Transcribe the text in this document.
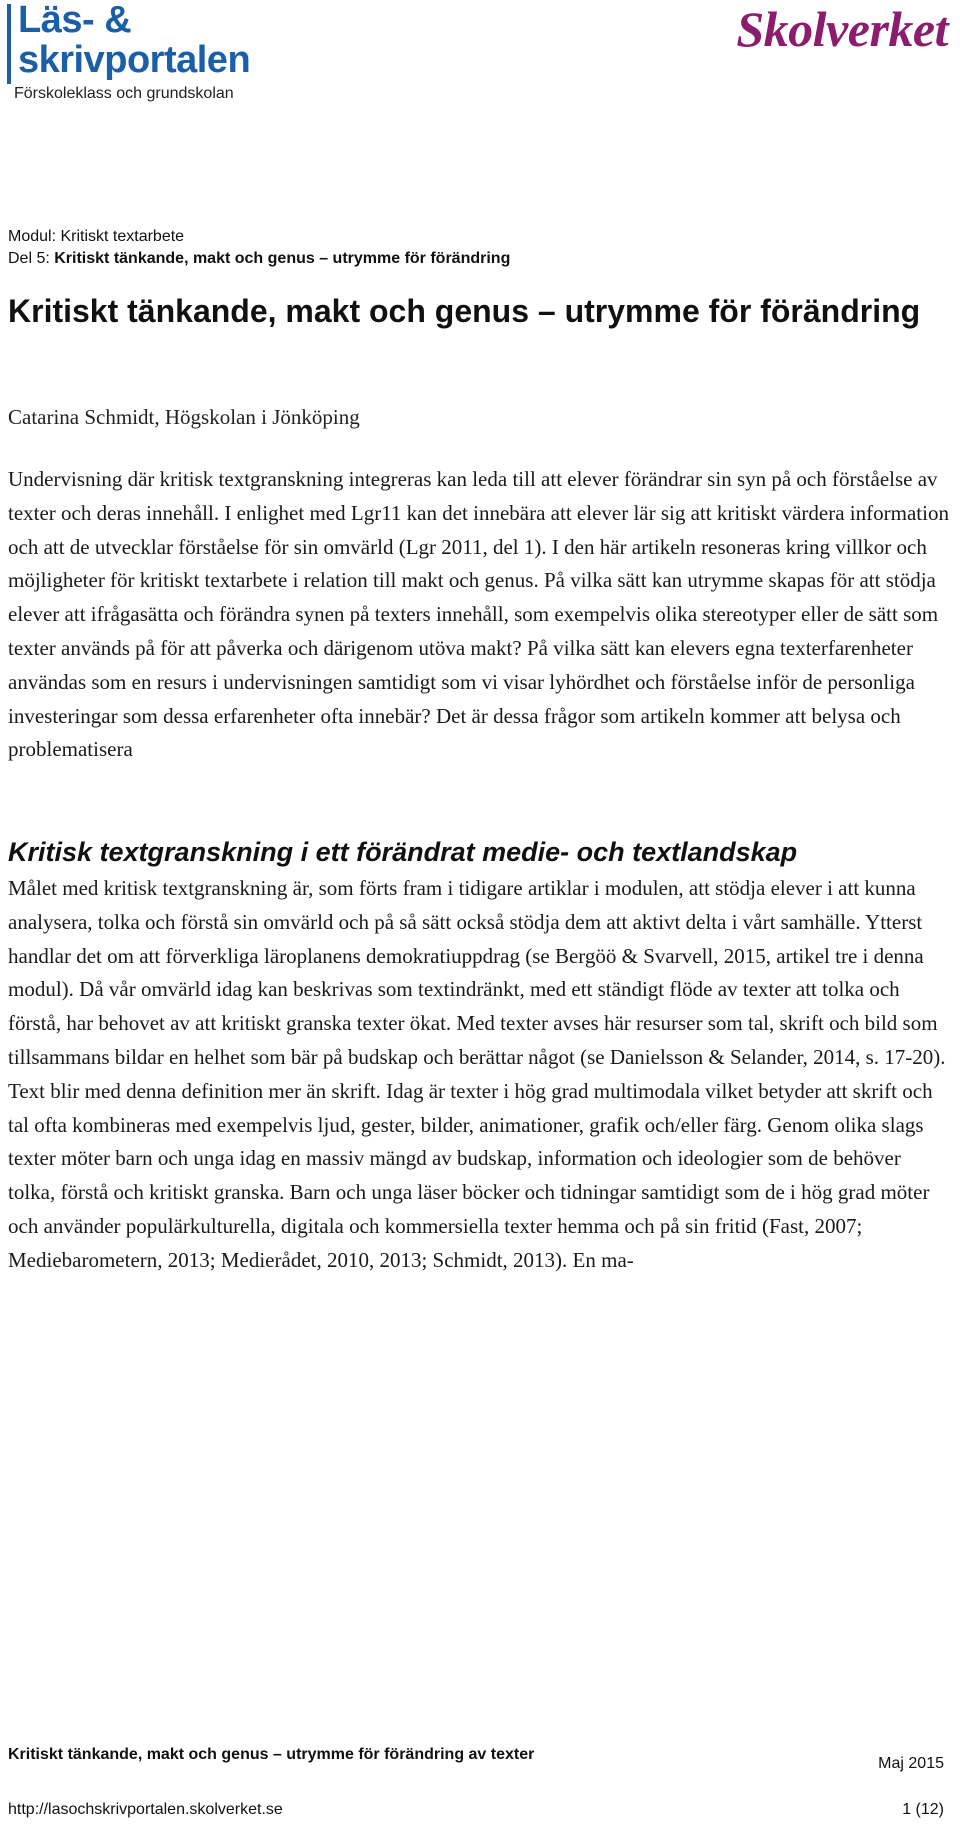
Läs- &
skrivportalen
Förskoleklass och grundskolan
Skolverket
Modul: Kritiskt textarbete
Del 5: Kritiskt tänkande, makt och genus – utrymme för förändring
Kritiskt tänkande, makt och genus – utrymme för förändring
Catarina Schmidt, Högskolan i Jönköping

Undervisning där kritisk textgranskning integreras kan leda till att elever förändrar sin syn på och förståelse av texter och deras innehåll. I enlighet med Lgr11 kan det innebära att elever lär sig att kritiskt värdera information och att de utvecklar förståelse för sin omvärld (Lgr 2011, del 1). I den här artikeln resoneras kring villkor och möjligheter för kritiskt textarbete i relation till makt och genus. På vilka sätt kan utrymme skapas för att stödja elever att ifrågasätta och förändra synen på texters innehåll, som exempelvis olika stereotyper eller de sätt som texter används på för att påverka och därigenom utöva makt? På vilka sätt kan elevers egna texterfarenheter användas som en resurs i undervisningen samtidigt som vi visar lyhördhet och förståelse inför de personliga investeringar som dessa erfarenheter ofta innebär? Det är dessa frågor som artikeln kommer att belysa och problematisera

Kritisk textgranskning i ett förändrat medie- och textlandskap

Målet med kritisk textgranskning är, som förts fram i tidigare artiklar i modulen, att stödja elever i att kunna analysera, tolka och förstå sin omvärld och på så sätt också stödja dem att aktivt delta i vårt samhälle. Ytterst handlar det om att förverkliga läroplanens demokratiuppdrag (se Bergöö & Svarvell, 2015, artikel tre i denna modul). Då vår omvärld idag kan beskrivas som textindränkt, med ett ständigt flöde av texter att tolka och förstå, har behovet av att kritiskt granska texter ökat. Med texter avses här resurser som tal, skrift och bild som tillsammans bildar en helhet som bär på budskap och berättar något (se Danielsson & Selander, 2014, s. 17-20). Text blir med denna definition mer än skrift. Idag är texter i hög grad multimodala vilket betyder att skrift och tal ofta kombineras med exempelvis ljud, gester, bilder, animationer, grafik och/eller färg. Genom olika slags texter möter barn och unga idag en massiv mängd av budskap, information och ideologier som de behöver tolka, förstå och kritiskt granska. Barn och unga läser böcker och tidningar samtidigt som de i hög grad möter och använder populärkulturella, digitala och kommersiella texter hemma och på sin fritid (Fast, 2007; Mediebarometern, 2013; Medierådet, 2010, 2013; Schmidt, 2013). En ma-

Kritiskt tänkande, makt och genus – utrymme för förändring av texter
Maj 2015
http://lasochskrivportalen.skolverket.se	1 (12)
